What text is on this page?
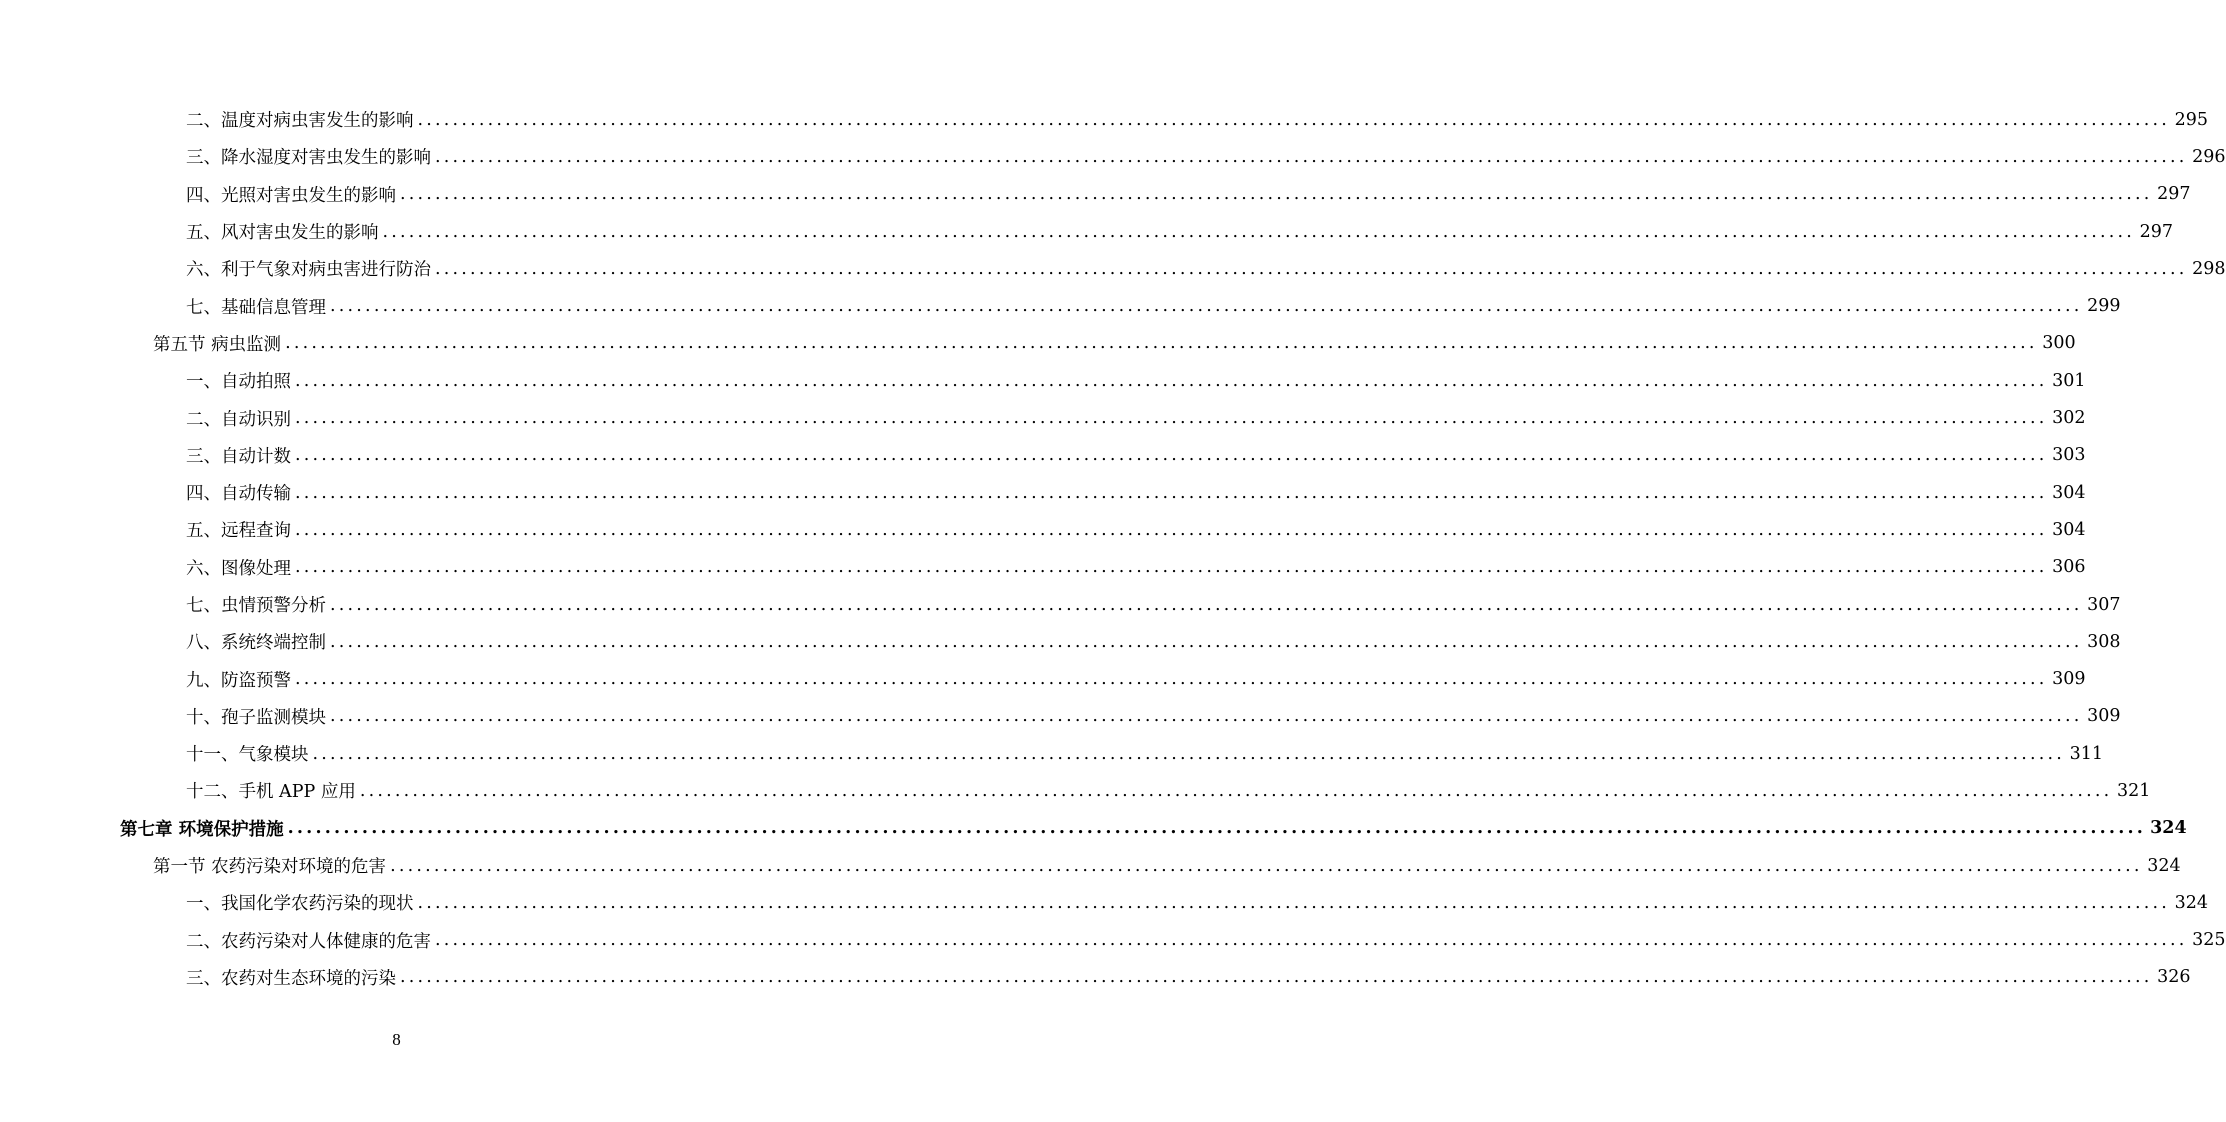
二、温度对病虫害发生的影响 ........................................................................................................................................................................................................ 295
三、降水湿度对害虫发生的影响 ........................................................................................................................................................................................................ 296
四、光照对害虫发生的影响 ........................................................................................................................................................................................................ 297
五、风对害虫发生的影响 ........................................................................................................................................................................................................ 297
六、利于气象对病虫害进行防治 ........................................................................................................................................................................................................ 298
七、基础信息管理 ........................................................................................................................................................................................................ 299
第五节 病虫监测 ........................................................................................................................................................................................................ 300
一、自动拍照 ........................................................................................................................................................................................................ 301
二、自动识别 ........................................................................................................................................................................................................ 302
三、自动计数 ........................................................................................................................................................................................................ 303
四、自动传输 ........................................................................................................................................................................................................ 304
五、远程查询 ........................................................................................................................................................................................................ 304
六、图像处理 ........................................................................................................................................................................................................ 306
七、虫情预警分析 ........................................................................................................................................................................................................ 307
八、系统终端控制 ........................................................................................................................................................................................................ 308
九、防盗预警 ........................................................................................................................................................................................................ 309
十、孢子监测模块 ........................................................................................................................................................................................................ 309
十一、气象模块 ........................................................................................................................................................................................................ 311
十二、手机 APP 应用 ........................................................................................................................................................................................................ 321
第七章 环境保护措施 ........................................................................................................................................................................................................ 324
第一节 农药污染对环境的危害 ........................................................................................................................................................................................................ 324
一、我国化学农药污染的现状 ........................................................................................................................................................................................................ 324
二、农药污染对人体健康的危害 ........................................................................................................................................................................................................ 325
三、农药对生态环境的污染 ........................................................................................................................................................................................................ 326
8
